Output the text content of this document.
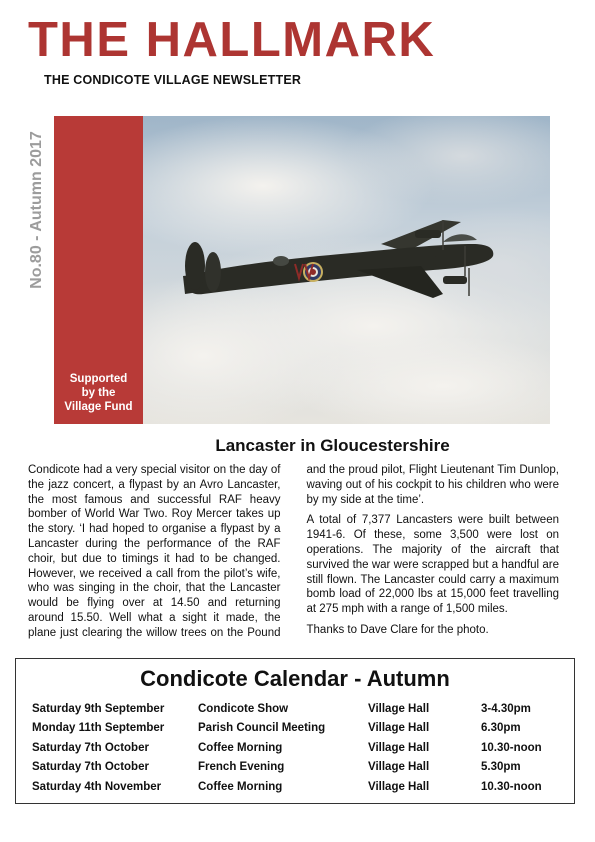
THE HALLMARK
THE CONDICOTE VILLAGE NEWSLETTER
No.80 - Autumn 2017
Supported
by the
Village Fund
Lancaster in Gloucestershire

Condicote had a very special visitor on the day of the jazz concert, a flypast by an Avro Lancaster, the most famous and successful RAF heavy bomber of World War Two. Roy Mercer takes up the story. ‘I had hoped to organise a flypast by a Lancaster during the performance of the RAF choir, but due to timings it had to be changed. However, we received a call from the pilot’s wife, who was singing in the choir, that the Lancaster would be flying over at 14.50 and returning around 15.50. Well what a sight it made, the plane just clearing the willow trees on the Pound and the proud pilot, Flight Lieutenant Tim Dunlop, waving out of his cockpit to his children who were by my side at the time’.

A total of 7,377 Lancasters were built between 1941-6. Of these, some 3,500 were lost on operations. The majority of the aircraft that survived the war were scrapped but a handful are still flown. The Lancaster could carry a maximum bomb load of 22,000 lbs at 15,000 feet travelling at 275 mph with a range of 1,500 miles.

Thanks to Dave Clare for the photo.

Condicote Calendar - Autumn
Saturday 9th September	Condicote Show	Village Hall	3-4.30pm
Monday 11th September	Parish Council Meeting	Village Hall	6.30pm
Saturday 7th October	Coffee Morning	Village Hall	10.30-noon
Saturday 7th October	French Evening	Village Hall	5.30pm
Saturday 4th November	Coffee Morning	Village Hall	10.30-noon
